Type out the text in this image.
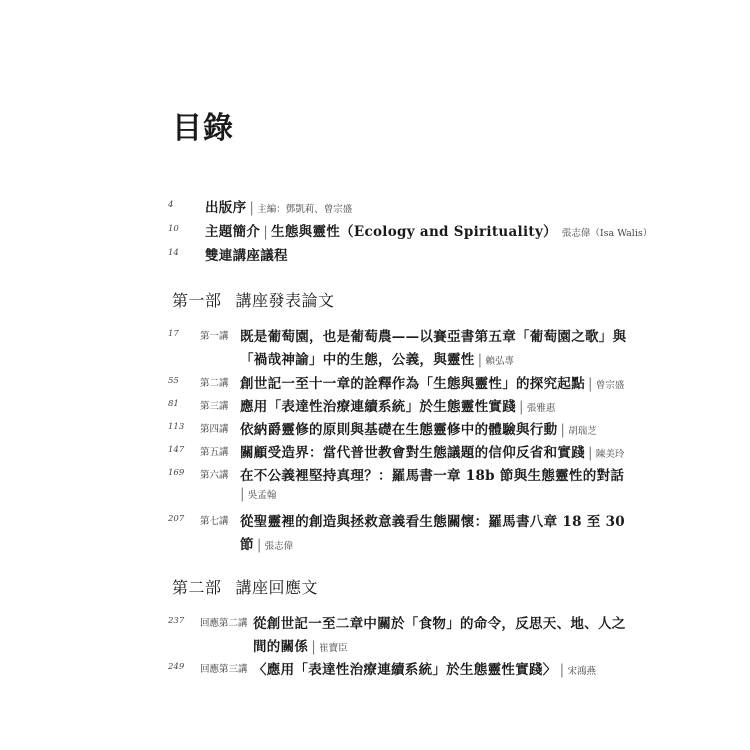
目錄
4 出版序 | 主編：鄧凱莉、曾宗盛
10 主題簡介 | 生態與靈性（Ecology and Spirituality） 張志偉（Isa Walis）
14 雙連講座議程
第一部 講座發表論文
17 第一講 既是葡萄園，也是葡萄農——以賽亞書第五章「葡萄園之歌」與
「禍哉神諭」中的生態，公義，與靈性 | 賴弘專
55 第二講 創世記一至十一章的詮釋作為「生態與靈性」的探究起點 | 曾宗盛
81 第三講 應用「表達性治療連續系統」於生態靈性實踐 | 張雅惠
113 第四講 依納爵靈修的原則與基礎在生態靈修中的體驗與行動 | 胡瑞芝
147 第五講 關顧受造界：當代普世教會對生態議題的信仰反省和實踐 | 陳美玲
169 第六講 在不公義裡堅持真理？：羅馬書一章 18b 節與生態靈性的對話
| 吳孟翰
207 第七講 從聖靈裡的創造與拯救意義看生態關懷：羅馬書八章 18 至 30
節 | 張志偉
第二部 講座回應文
237 回應第二講 從創世記一至二章中關於「食物」的命令，反思天、地、人之
間的關係 | 崔寶臣
249 回應第三講 〈應用「表達性治療連續系統」於生態靈性實踐〉 | 宋鴻燕
